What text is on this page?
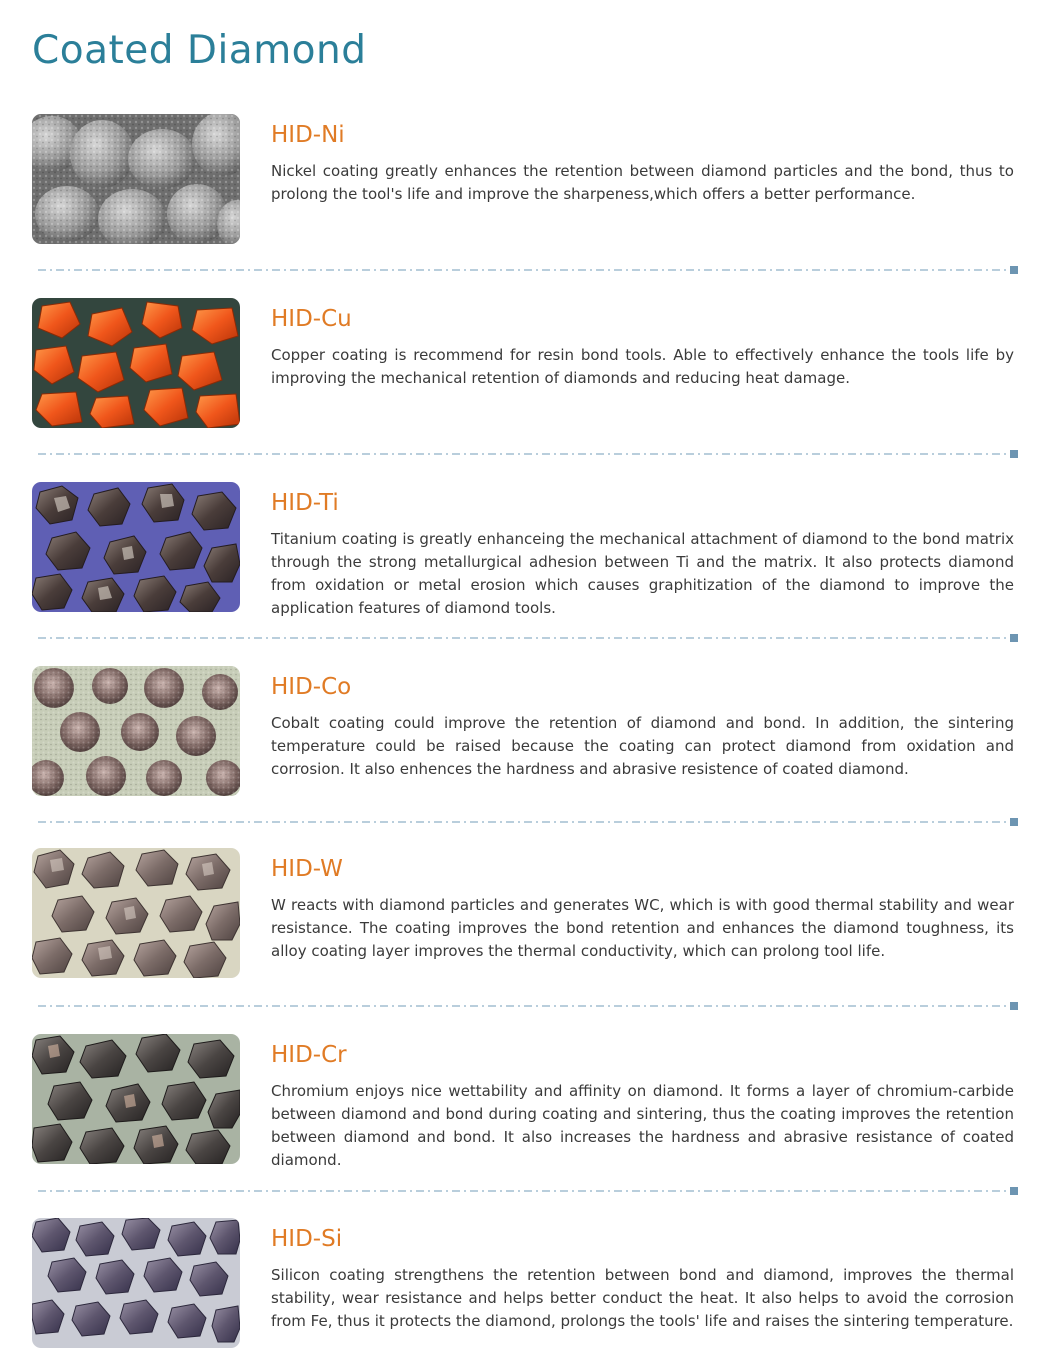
Coated Diamond
HID-Ni

Nickel coating greatly enhances the retention between diamond particles and the bond, thus to prolong the tool's life and improve the sharpeness,which offers a better performance.

HID-Cu

Copper coating is recommend for resin bond tools. Able to effectively enhance the tools life by improving the mechanical retention of diamonds and reducing heat damage.

HID-Ti

Titanium coating is greatly enhanceing the mechanical attachment of diamond to the bond matrix through the strong metallurgical adhesion between Ti and the matrix. It also protects diamond from oxidation or metal erosion which causes graphitization of the diamond to improve the application features of diamond tools.

HID-Co

Cobalt coating could improve the retention of diamond and bond. In addition, the sintering temperature could be raised because the coating can protect diamond from oxidation and corrosion. It also enhences the hardness and abrasive resistence of coated diamond.

HID-W

W reacts with diamond particles and generates WC, which is with good thermal stability and wear resistance. The coating improves the bond retention and enhances the diamond toughness, its alloy coating layer improves the thermal conductivity, which can prolong tool life.

HID-Cr

Chromium enjoys nice wettability and affinity on diamond. It forms a layer of chromium-carbide between diamond and bond during coating and sintering, thus the coating improves the retention between diamond and bond. It also increases the hardness and abrasive resistance of coated diamond.

HID-Si

Silicon coating strengthens the retention between bond and diamond, improves the thermal stability, wear resistance and helps better conduct the heat. It also helps to avoid the corrosion from Fe, thus it protects the diamond, prolongs the tools' life and raises the sintering temperature.
